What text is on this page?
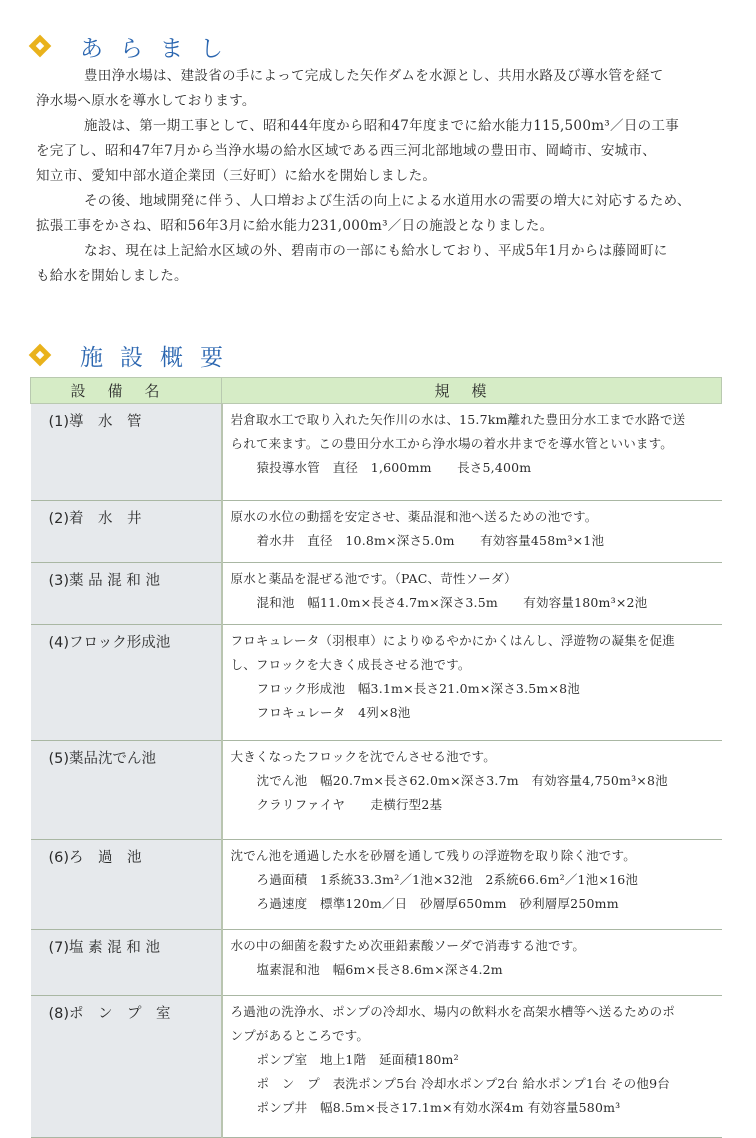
あらまし

豊田浄水場は、建設省の手によって完成した矢作ダムを水源とし、共用水路及び導水管を経て
浄水場へ原水を導水しております。

施設は、第一期工事として、昭和44年度から昭和47年度までに給水能力115,500m³／日の工事
を完了し、昭和47年7月から当浄水場の給水区域である西三河北部地域の豊田市、岡崎市、安城市、
知立市、愛知中部水道企業団（三好町）に給水を開始しました。

その後、地域開発に伴う、人口増および生活の向上による水道用水の需要の増大に対応するため、
拡張工事をかさね、昭和56年3月に給水能力231,000m³／日の施設となりました。

なお、現在は上記給水区域の外、碧南市の一部にも給水しており、平成5年1月からは藤岡町に
も給水を開始しました。

施設概要
設備名	規模
(1)導　水　管	岩倉取水工で取り入れた矢作川の水は、15.7km離れた豊田分水工まで水路で送
られて来ます。この豊田分水工から浄水場の着水井までを導水管といいます。
猿投導水管　直径　1,600mm　　長さ5,400m

(2)着　水　井	原水の水位の動揺を安定させ、薬品混和池へ送るための池です。
着水井　直径　10.8m×深さ5.0m　　有効容量458m³×1池

(3)薬 品 混 和 池	原水と薬品を混ぜる池です。（PAC、苛性ソーダ）
混和池　幅11.0m×長さ4.7m×深さ3.5m　　有効容量180m³×2池

(4)フロック形成池	フロキュレータ（羽根車）によりゆるやかにかくはんし、浮遊物の凝集を促進
し、フロックを大きく成長させる池です。
フロック形成池　幅3.1m×長さ21.0m×深さ3.5m×8池
フロキュレータ　4列×8池

(5)薬品沈でん池	大きくなったフロックを沈でんさせる池です。
沈でん池　幅20.7m×長さ62.0m×深さ3.7m　有効容量4,750m³×8池
クラリファイヤ　　走横行型2基

(6)ろ　過　池	沈でん池を通過した水を砂層を通して残りの浮遊物を取り除く池です。
ろ過面積　1系統33.3m²／1池×32池　2系統66.6m²／1池×16池
ろ過速度　標準120m／日　砂層厚650mm　砂利層厚250mm

(7)塩 素 混 和 池	水の中の細菌を殺すため次亜鉛素酸ソーダで消毒する池です。
塩素混和池　幅6m×長さ8.6m×深さ4.2m

(8)ポ　ン　プ　室	ろ過池の洗浄水、ポンプの冷却水、場内の飲料水を高架水槽等へ送るためのポ
ンプがあるところです。
ポンプ室　地上1階　延面積180m²
ポ　ン　プ　表洗ポンプ5台 冷却水ポンプ2台 給水ポンプ1台 その他9台
ポンプ井　幅8.5m×長さ17.1m×有効水深4m 有効容量580m³
